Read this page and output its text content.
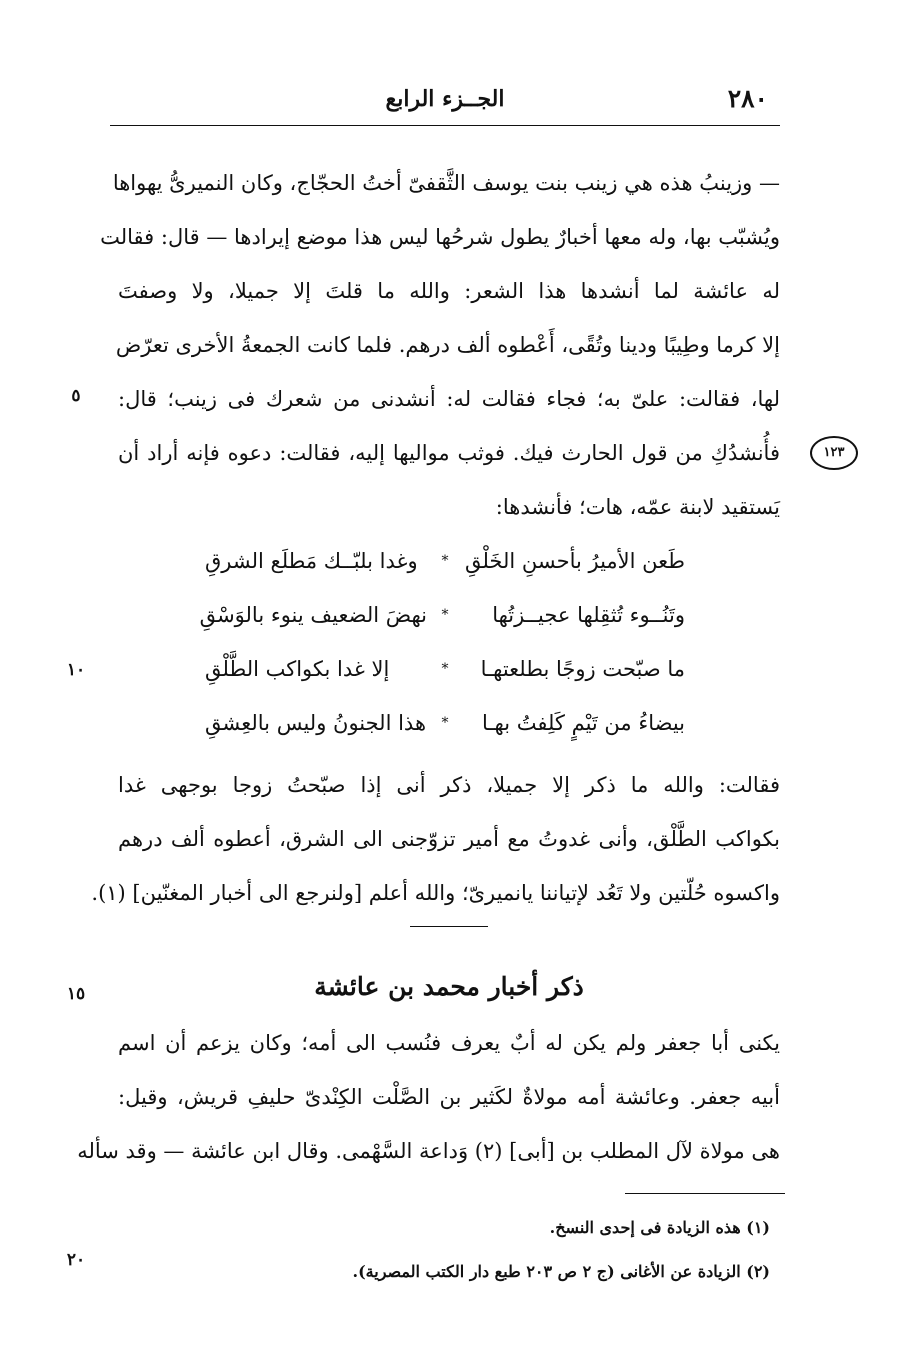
٢٨٠
الجــزء الرابع
١٢٣
٥
١٠
١٥
٢٠
— وزينبُ هذه هي زينب بنت يوسف الثَّقفىّ أختُ الحجّاج، وكان النميرىُّ يهواها
ويُشبّب بها، وله معها أخبارٌ يطول شرحُها ليس هذا موضع إيرادها — قال: فقالت
له عائشة لما أنشدها هذا الشعر: والله ما قلتَ إلا جميلا، ولا وصفتَ
إلا كرما وطِيبًا ودينا وتُقًى، أَعْطوه ألف درهم. فلما كانت الجمعةُ الأخرى تعرّض
لها، فقالت: علىّ به؛ فجاء فقالت له: أنشدنى من شعرك فى زينب؛ قال:
فأُنشدُكِ من قول الحارث فيك. فوثب مواليها إليه، فقالت: دعوه فإنه أراد أن
يَستقيد لابنة عمّه، هات؛ فأنشدها:
طَعن الأميرُ بأحسنِ الخَلْقِ
*
وغدا بلبّــك مَطلَع الشرقِ
وتَنُــوء تُثقِلها عجيــزتُها
*
نهضَ الضعيف ينوء بالوَسْقِ
ما صبّحت زوجًا بطلعتهـا
*
إلا غدا بكواكب الطَّلْقِ
بيضاءُ من تَيْمٍ كَلِفتُ بهـا
*
هذا الجنونُ وليس بالعِشقِ
فقالت: والله ما ذكر إلا جميلا، ذكر أنى إذا صبّحتُ زوجا بوجهى غدا
بكواكب الطَّلْق، وأنى غدوتُ مع أمير تزوّجنى الى الشرق، أعطوه ألف درهم
واكسوه حُلّتين ولا تَعُد لإتياننا يانميرىّ؛ والله أعلم [ولنرجع الى أخبار المغنّين] (١).
ذكر أخبار محمد بن عائشة
يكنى أبا جعفر ولم يكن له أبٌ يعرف فنُسب الى أمه؛ وكان يزعم أن اسم
أبيه جعفر. وعائشة أمه مولاةٌ لكَثير بن الصَّلْت الكِنْدىّ حليفِ قريش، وقيل:
هى مولاة لآل المطلب بن [أبى] (٢) وَداعة السَّهْمى. وقال ابن عائشة — وقد سأله
(١) هذه الزيادة فى إحدى النسخ.
(٢) الزيادة عن الأغانى (ج ٢ ص ٢٠٣ طبع دار الكتب المصرية).
